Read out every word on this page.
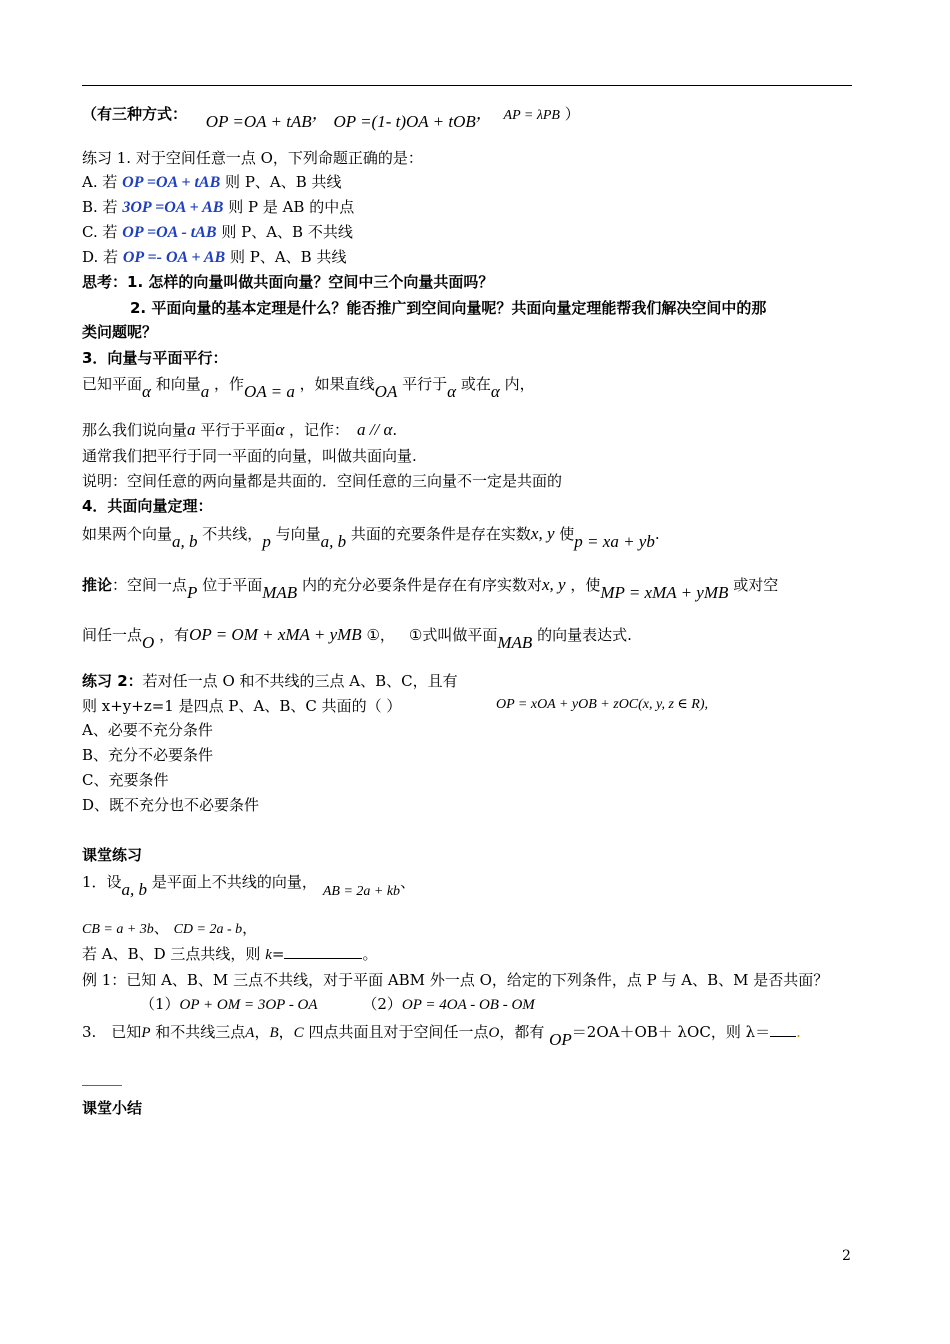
（有三种方式： OP =OA + tAB， OP =(1- t)OA + tOB， AP = λPB ）
练习 1. 对于空间任意一点 O，下列命题正确的是：
A. 若 OP =OA + tAB 则 P、A、B 共线
B. 若 3OP =OA + AB 则 P 是 AB 的中点
C. 若 OP =OA - tAB 则 P、A、B 不共线
D. 若 OP =- OA + AB 则 P、A、B 共线
思考：1. 怎样的向量叫做共面向量？空间中三个向量共面吗？
2. 平面向量的基本定理是什么？能否推广到空间向量呢？共面向量定理能帮我们解决空间中的那
类问题呢？
3．向量与平面平行：
已知平面α 和向量a ，作OA = a ，如果直线OA 平行于α 或在α 内，
那么我们说向量a 平行于平面α ，记作： a // α.
通常我们把平行于同一平面的向量，叫做共面向量.
说明：空间任意的两向量都是共面的．空间任意的三向量不一定是共面的
4．共面向量定理：
如果两个向量a, b 不共线，p 与向量a, b 共面的充要条件是存在实数x, y 使p = xa + yb.
推论：空间一点P 位于平面MAB 内的充分必要条件是存在有序实数对x, y ，使MP = xMA + yMB 或对空
间任一点O ，有OP = OM + xMA + yMB ①， ①式叫做平面MAB 的向量表达式.
练习 2：若对任一点 O 和不共线的三点 A、B、C，且有
OP = xOA + yOB + zOC(x, y, z ∈ R),
则 x+y+z=1 是四点 P、A、B、C 共面的（ ）
A、必要不充分条件
B、充分不必要条件
C、充要条件
D、既不充分也不必要条件
课堂练习
1．设a, b 是平面上不共线的向量，AB = 2a + kb、
CB = a + 3b、 CD = 2a - b，
若 A、B、D 三点共线，则 k=	。
例 1：已知 A、B、M 三点不共线，对于平面 ABM 外一点 O，给定的下列条件，点 P 与 A、B、M 是否共面？
（1）OP + OM = 3OP - OA	（2）OP = 4OA - OB - OM
3.　已知P 和不共线三点A，B，C 四点共面且对于空间任一点O，都有 OP＝2OA＋OB＋ λOC，则 λ＝ .
课堂小结
2
